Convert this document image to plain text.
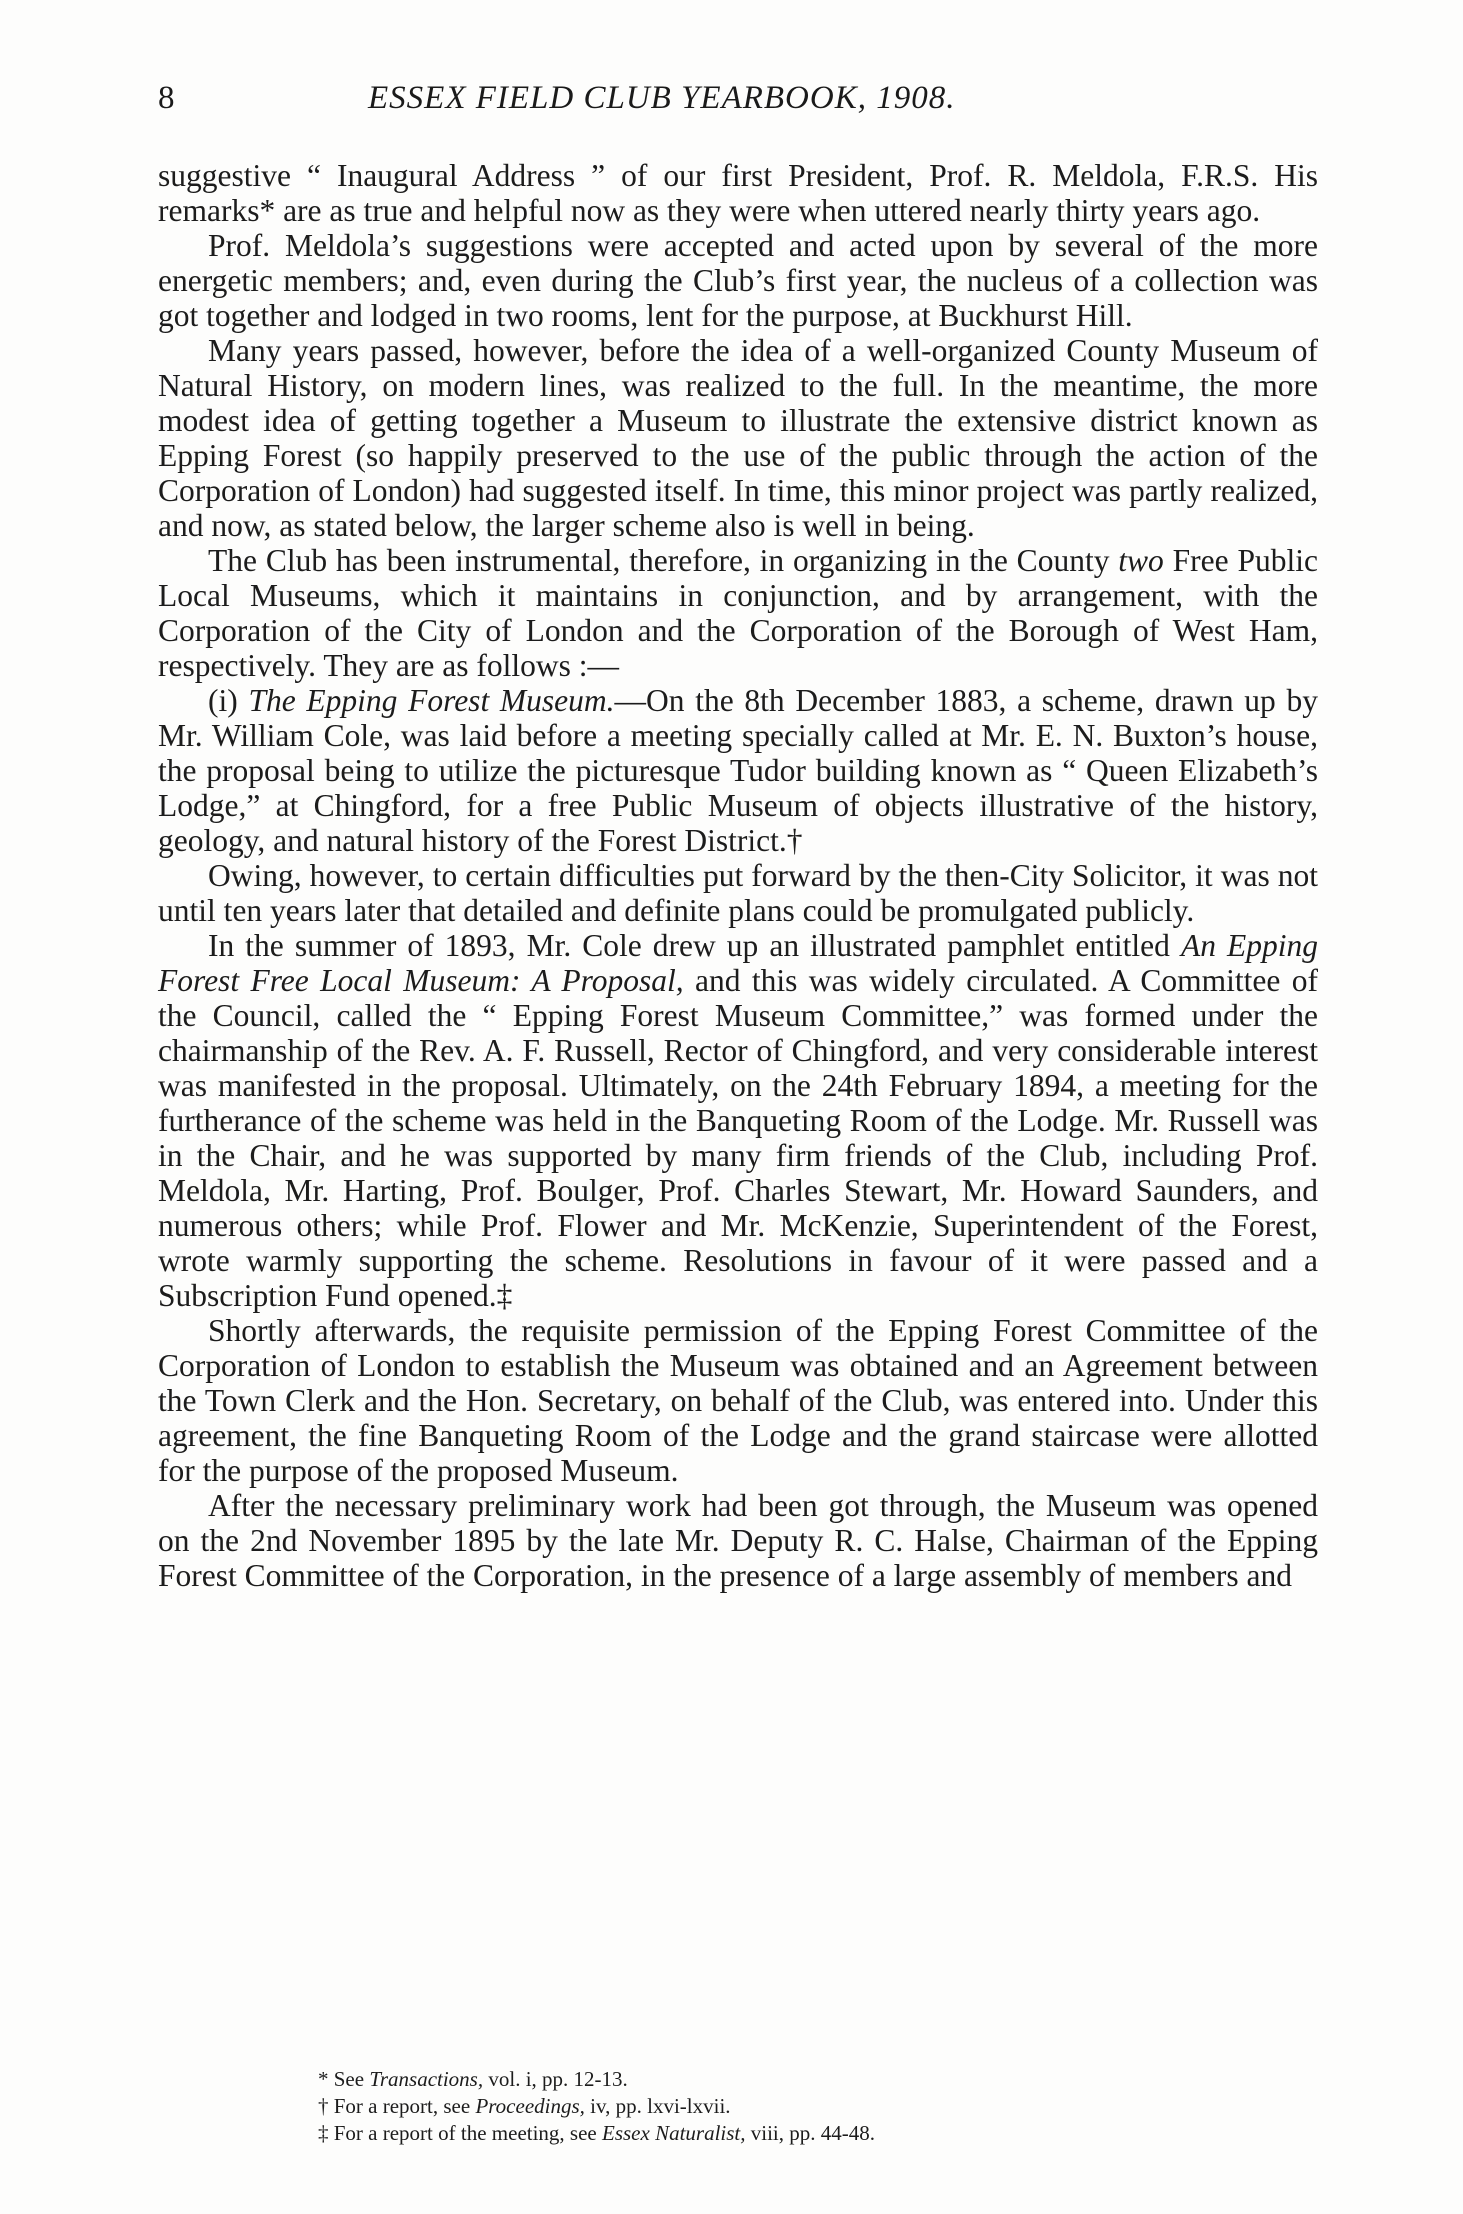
8	ESSEX FIELD CLUB YEARBOOK, 1908.

suggestive “ Inaugural Address ” of our first President, Prof. R. Meldola, F.R.S. His remarks* are as true and helpful now as they were when uttered nearly thirty years ago.

Prof. Meldola’s suggestions were accepted and acted upon by several of the more energetic members; and, even during the Club’s first year, the nucleus of a collection was got together and lodged in two rooms, lent for the purpose, at Buckhurst Hill.

Many years passed, however, before the idea of a well-organized County Museum of Natural History, on modern lines, was realized to the full. In the meantime, the more modest idea of getting together a Museum to illustrate the extensive district known as Epping Forest (so happily preserved to the use of the public through the action of the Corporation of London) had suggested itself. In time, this minor project was partly realized, and now, as stated below, the larger scheme also is well in being.

The Club has been instrumental, therefore, in organizing in the County two Free Public Local Museums, which it maintains in conjunction, and by arrangement, with the Corporation of the City of London and the Corporation of the Borough of West Ham, respectively. They are as follows :—

(i) The Epping Forest Museum.—On the 8th December 1883, a scheme, drawn up by Mr. William Cole, was laid before a meeting specially called at Mr. E. N. Buxton’s house, the proposal being to utilize the picturesque Tudor building known as “ Queen Elizabeth’s Lodge,” at Chingford, for a free Public Museum of objects illustrative of the history, geology, and natural history of the Forest District.†

Owing, however, to certain difficulties put forward by the then-City Solicitor, it was not until ten years later that detailed and definite plans could be promulgated publicly.

In the summer of 1893, Mr. Cole drew up an illustrated pamphlet entitled An Epping Forest Free Local Museum: A Proposal, and this was widely circulated. A Committee of the Council, called the “ Epping Forest Museum Committee,” was formed under the chairmanship of the Rev. A. F. Russell, Rector of Chingford, and very considerable interest was manifested in the proposal. Ultimately, on the 24th February 1894, a meeting for the furtherance of the scheme was held in the Banqueting Room of the Lodge. Mr. Russell was in the Chair, and he was supported by many firm friends of the Club, including Prof. Meldola, Mr. Harting, Prof. Boulger, Prof. Charles Stewart, Mr. Howard Saunders, and numerous others; while Prof. Flower and Mr. McKenzie, Superintendent of the Forest, wrote warmly supporting the scheme. Resolutions in favour of it were passed and a Subscription Fund opened.‡

Shortly afterwards, the requisite permission of the Epping Forest Committee of the Corporation of London to establish the Museum was obtained and an Agreement between the Town Clerk and the Hon. Secretary, on behalf of the Club, was entered into. Under this agreement, the fine Banqueting Room of the Lodge and the grand staircase were allotted for the purpose of the proposed Museum.

After the necessary preliminary work had been got through, the Museum was opened on the 2nd November 1895 by the late Mr. Deputy R. C. Halse, Chairman of the Epping Forest Committee of the Corporation, in the presence of a large assembly of members and

* See Transactions, vol. i, pp. 12-13.
† For a report, see Proceedings, iv, pp. lxvi-lxvii.
‡ For a report of the meeting, see Essex Naturalist, viii, pp. 44-48.
